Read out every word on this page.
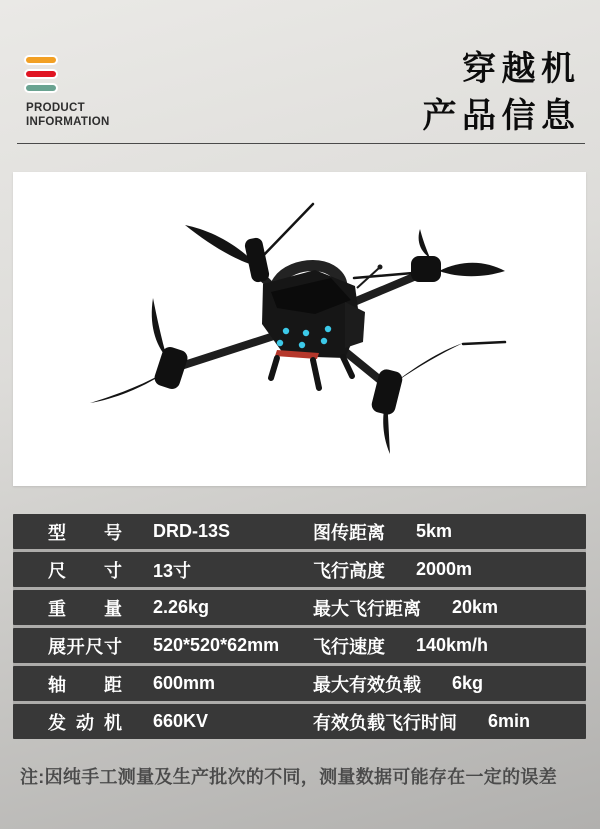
PRODUCT
INFORMATION
穿越机
产品信息
型号 DRD-13S	图传距离 5km
尺寸 13寸	飞行高度 2000m
重量 2.26kg	最大飞行距离 20km
展开尺寸 520*520*62mm 飞行速度 140km/h
轴距 600mm	最大有效负载 6kg
发动机 660KV	有效负载飞行时间 6min
注:因纯手工测量及生产批次的不同，测量数据可能存在一定的误差
